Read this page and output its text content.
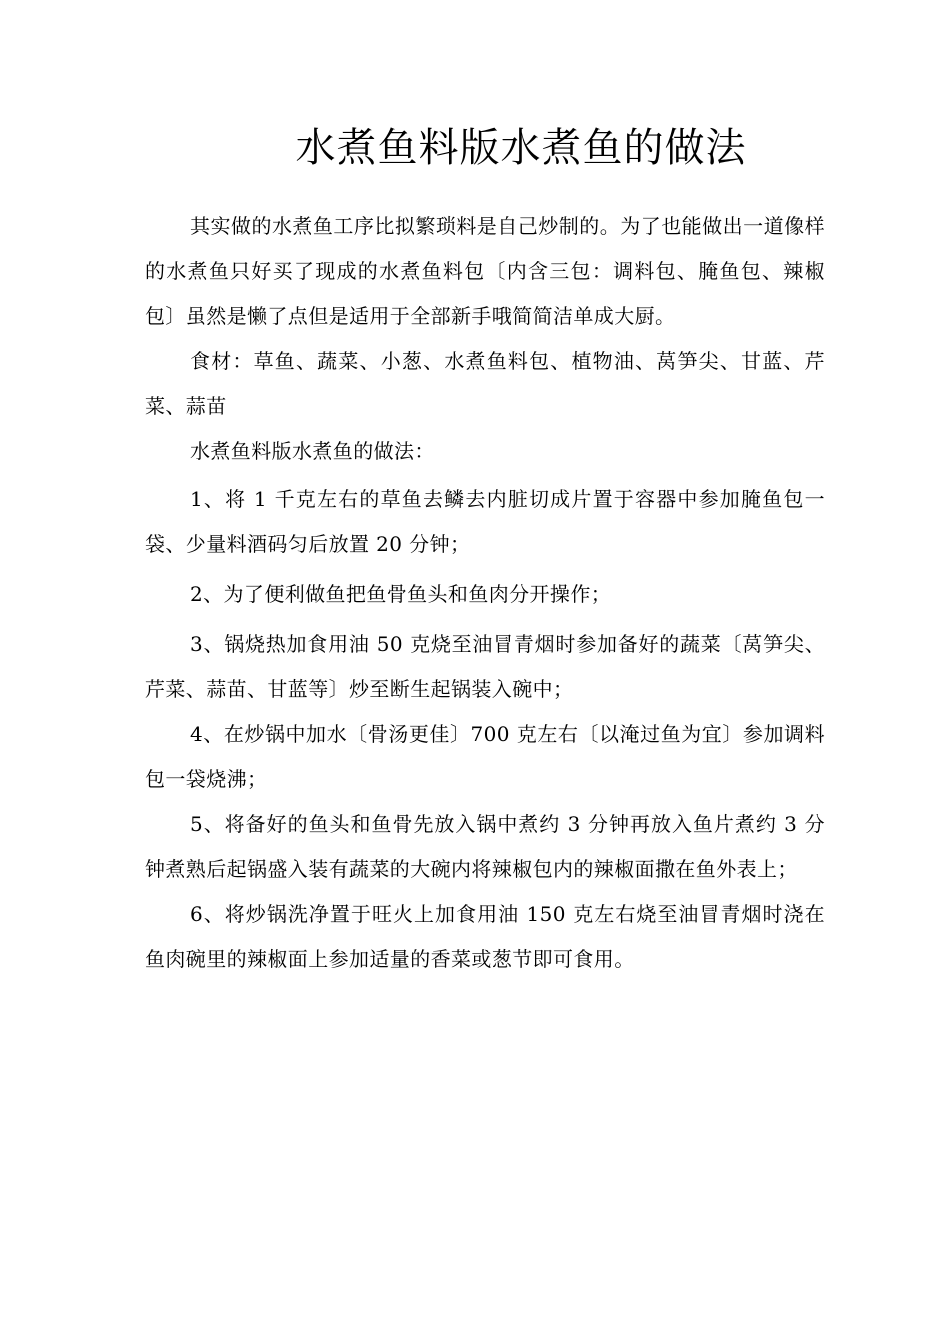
水煮鱼料版水煮鱼的做法

其实做的水煮鱼工序比拟繁琐料是自己炒制的。为了也能做出一道像样的水煮鱼只好买了现成的水煮鱼料包〔内含三包：调料包、腌鱼包、辣椒包〕虽然是懒了点但是适用于全部新手哦简简洁单成大厨。

食材：草鱼、蔬菜、小葱、水煮鱼料包、植物油、莴笋尖、甘蓝、芹菜、蒜苗

水煮鱼料版水煮鱼的做法：

1、将 1 千克左右的草鱼去鳞去内脏切成片置于容器中参加腌鱼包一袋、少量料酒码匀后放置 20 分钟；

2、为了便利做鱼把鱼骨鱼头和鱼肉分开操作；

3、锅烧热加食用油 50 克烧至油冒青烟时参加备好的蔬菜〔莴笋尖、芹菜、蒜苗、甘蓝等〕炒至断生起锅装入碗中；

4、在炒锅中加水〔骨汤更佳〕700 克左右〔以淹过鱼为宜〕参加调料包一袋烧沸；

5、将备好的鱼头和鱼骨先放入锅中煮约 3 分钟再放入鱼片煮约 3 分钟煮熟后起锅盛入装有蔬菜的大碗内将辣椒包内的辣椒面撒在鱼外表上；

6、将炒锅洗净置于旺火上加食用油 150 克左右烧至油冒青烟时浇在鱼肉碗里的辣椒面上参加适量的香菜或葱节即可食用。
